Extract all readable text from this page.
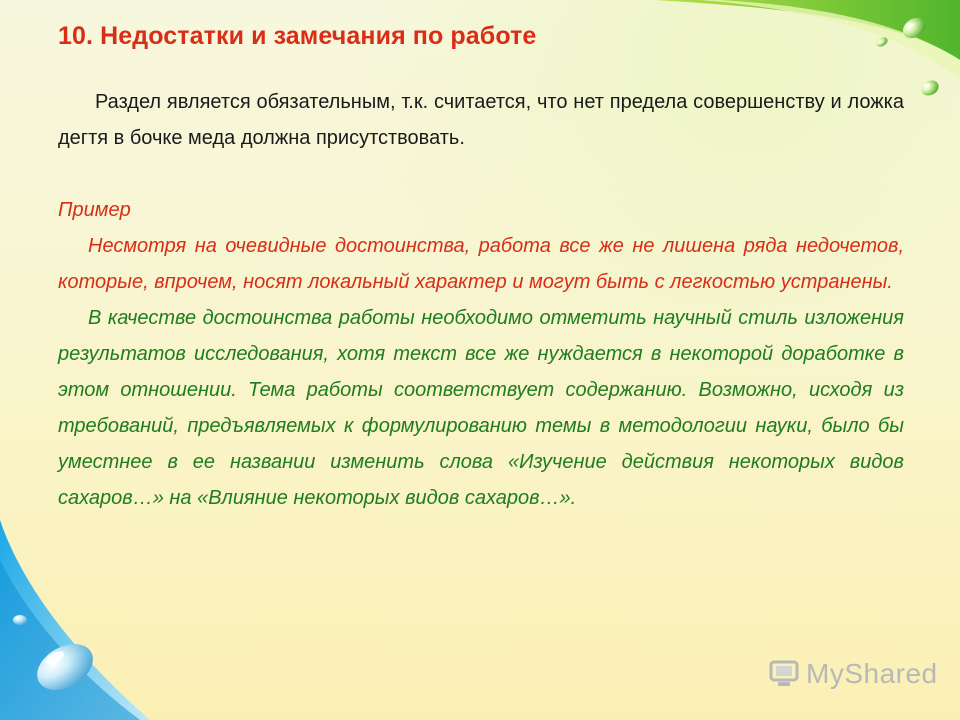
10. Недостатки и замечания по работе

Раздел является обязательным, т.к. считается, что нет предела совершенству и ложка дегтя в бочке меда должна присутствовать.

Пример

Несмотря на очевидные достоинства, работа все же не лишена ряда недочетов, которые, впрочем, носят локальный характер и могут быть с легкостью устранены.

В качестве достоинства работы необходимо отметить научный стиль изложения результатов исследования, хотя текст все же нуждается в некоторой доработке в этом отношении. Тема работы соответствует содержанию. Возможно, исходя из требований, предъявляемых к формулированию темы в методологии науки, было бы уместнее в ее названии изменить слова «Изучение действия некоторых видов сахаров…» на «Влияние некоторых видов сахаров…».

MyShared
